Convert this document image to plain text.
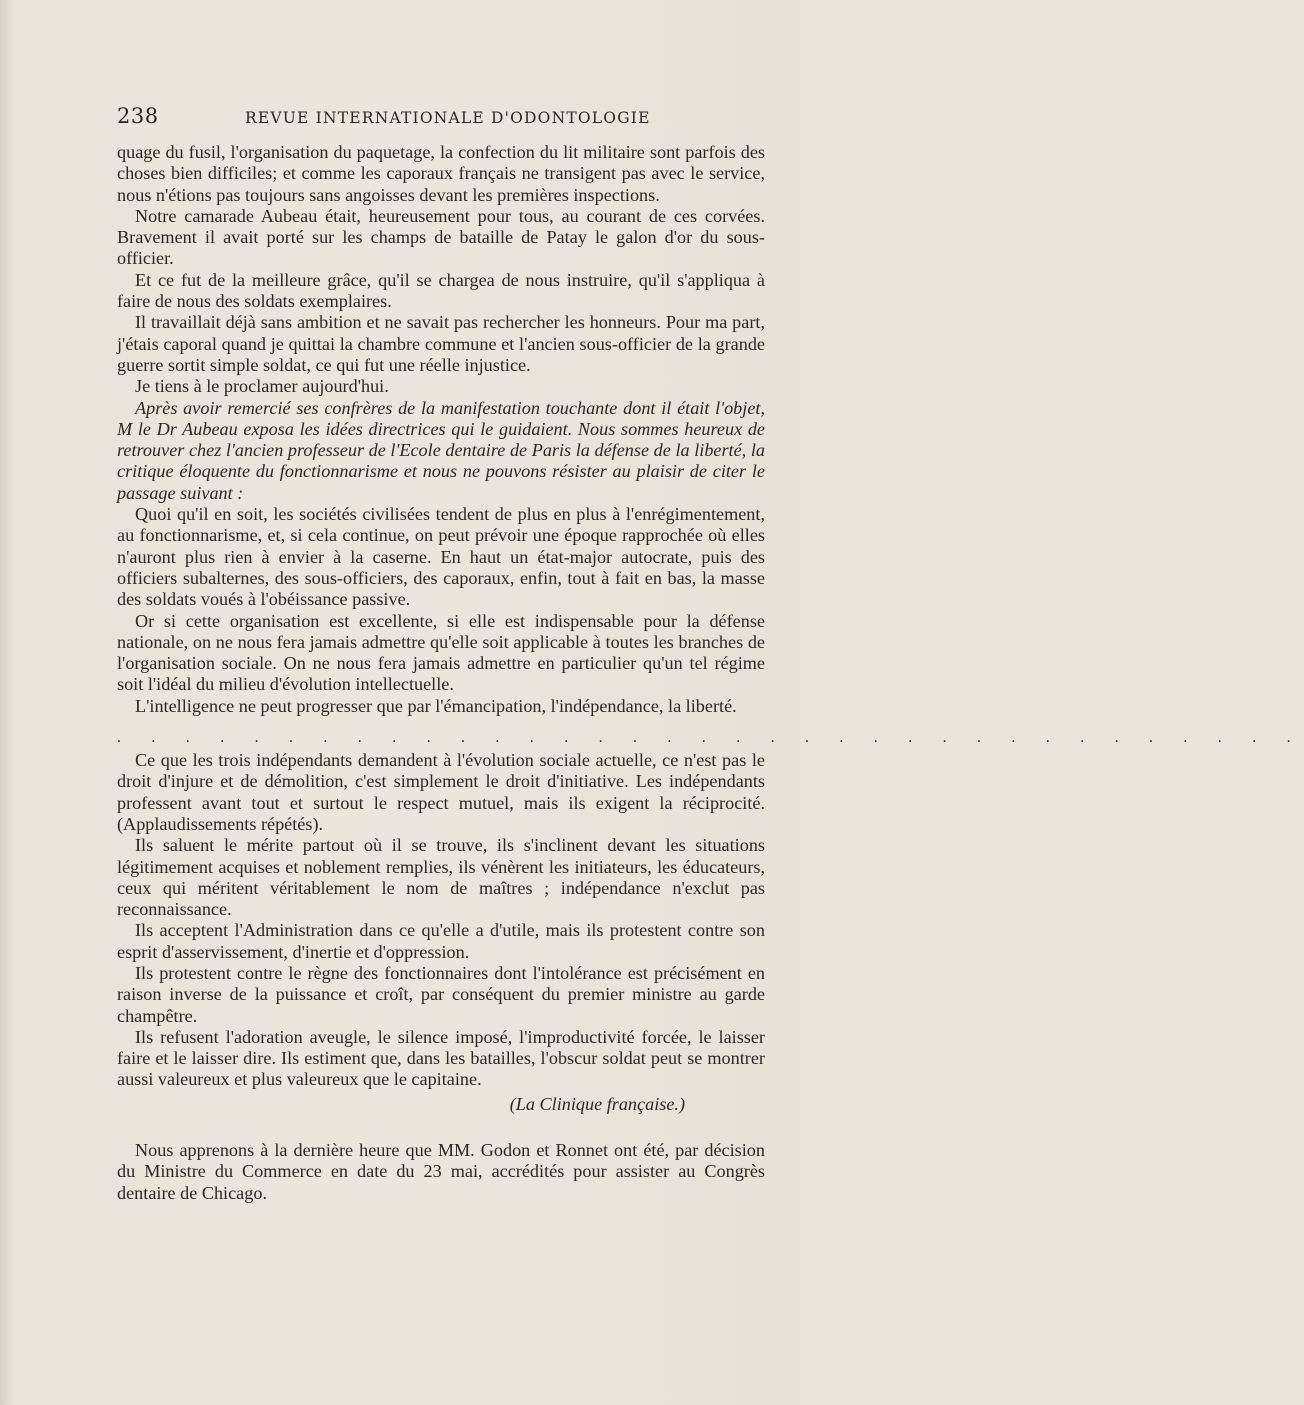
238	REVUE INTERNATIONALE D'ODONTOLOGIE

quage du fusil, l'organisation du paquetage, la confection du lit militaire sont parfois des choses bien difficiles; et comme les caporaux français ne transigent pas avec le service, nous n'étions pas toujours sans angoisses devant les premières inspections.

Notre camarade Aubeau était, heureusement pour tous, au courant de ces corvées. Bravement il avait porté sur les champs de bataille de Patay le galon d'or du sous-officier.

Et ce fut de la meilleure grâce, qu'il se chargea de nous instruire, qu'il s'appliqua à faire de nous des soldats exemplaires.

Il travaillait déjà sans ambition et ne savait pas rechercher les honneurs. Pour ma part, j'étais caporal quand je quittai la chambre commune et l'ancien sous-officier de la grande guerre sortit simple soldat, ce qui fut une réelle injustice.

Je tiens à le proclamer aujourd'hui.

Après avoir remercié ses confrères de la manifestation touchante dont il était l'objet, M le Dr Aubeau exposa les idées directrices qui le guidaient. Nous sommes heureux de retrouver chez l'ancien professeur de l'Ecole dentaire de Paris la défense de la liberté, la critique éloquente du fonctionnarisme et nous ne pouvons résister au plaisir de citer le passage suivant :

Quoi qu'il en soit, les sociétés civilisées tendent de plus en plus à l'enrégimentement, au fonctionnarisme, et, si cela continue, on peut prévoir une époque rapprochée où elles n'auront plus rien à envier à la caserne. En haut un état-major autocrate, puis des officiers subalternes, des sous-officiers, des caporaux, enfin, tout à fait en bas, la masse des soldats voués à l'obéissance passive.

Or si cette organisation est excellente, si elle est indispensable pour la défense nationale, on ne nous fera jamais admettre qu'elle soit applicable à toutes les branches de l'organisation sociale. On ne nous fera jamais admettre en particulier qu'un tel régime soit l'idéal du milieu d'évolution intellectuelle.

L'intelligence ne peut progresser que par l'émancipation, l'indépendance, la liberté.

. . . . . . . . . . . . . . . . . . . . . . . . . . . . . . . . . . .

Ce que les trois indépendants demandent à l'évolution sociale actuelle, ce n'est pas le droit d'injure et de démolition, c'est simplement le droit d'initiative. Les indépendants professent avant tout et surtout le respect mutuel, mais ils exigent la réciprocité. (Applaudissements répétés).

Ils saluent le mérite partout où il se trouve, ils s'inclinent devant les situations légitimement acquises et noblement remplies, ils vénèrent les initiateurs, les éducateurs, ceux qui méritent véritablement le nom de maîtres ; indépendance n'exclut pas reconnaissance.

Ils acceptent l'Administration dans ce qu'elle a d'utile, mais ils protestent contre son esprit d'asservissement, d'inertie et d'oppression.

Ils protestent contre le règne des fonctionnaires dont l'intolérance est précisément en raison inverse de la puissance et croît, par conséquent du premier ministre au garde champêtre.

Ils refusent l'adoration aveugle, le silence imposé, l'improductivité forcée, le laisser faire et le laisser dire. Ils estiment que, dans les batailles, l'obscur soldat peut se montrer aussi valeureux et plus valeureux que le capitaine.

(La Clinique française.)

Nous apprenons à la dernière heure que MM. Godon et Ronnet ont été, par décision du Ministre du Commerce en date du 23 mai, accrédités pour assister au Congrès dentaire de Chicago.
